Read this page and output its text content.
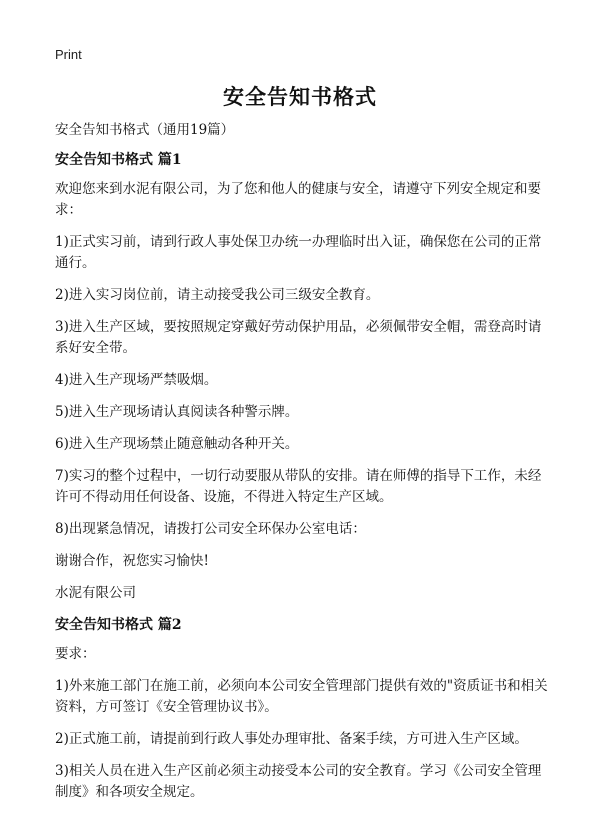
Print
安全告知书格式

安全告知书格式（通用19篇）

安全告知书格式 篇1

欢迎您来到水泥有限公司，为了您和他人的健康与安全，请遵守下列安全规定和要求：

1)正式实习前，请到行政人事处保卫办统一办理临时出入证，确保您在公司的正常通行。

2)进入实习岗位前，请主动接受我公司三级安全教育。

3)进入生产区域，要按照规定穿戴好劳动保护用品，必须佩带安全帽，需登高时请系好安全带。

4)进入生产现场严禁吸烟。

5)进入生产现场请认真阅读各种警示牌。

6)进入生产现场禁止随意触动各种开关。

7)实习的整个过程中，一切行动要服从带队的安排。请在师傅的指导下工作，未经许可不得动用任何设备、设施，不得进入特定生产区域。

8)出现紧急情况，请拨打公司安全环保办公室电话：

谢谢合作，祝您实习愉快!

水泥有限公司

安全告知书格式 篇2

要求：

1)外来施工部门在施工前，必须向本公司安全管理部门提供有效的"资质证书和相关资料，方可签订《安全管理协议书》。

2)正式施工前，请提前到行政人事处办理审批、备案手续，方可进入生产区域。

3)相关人员在进入生产区前必须主动接受本公司的安全教育。学习《公司安全管理制度》和各项安全规定。
